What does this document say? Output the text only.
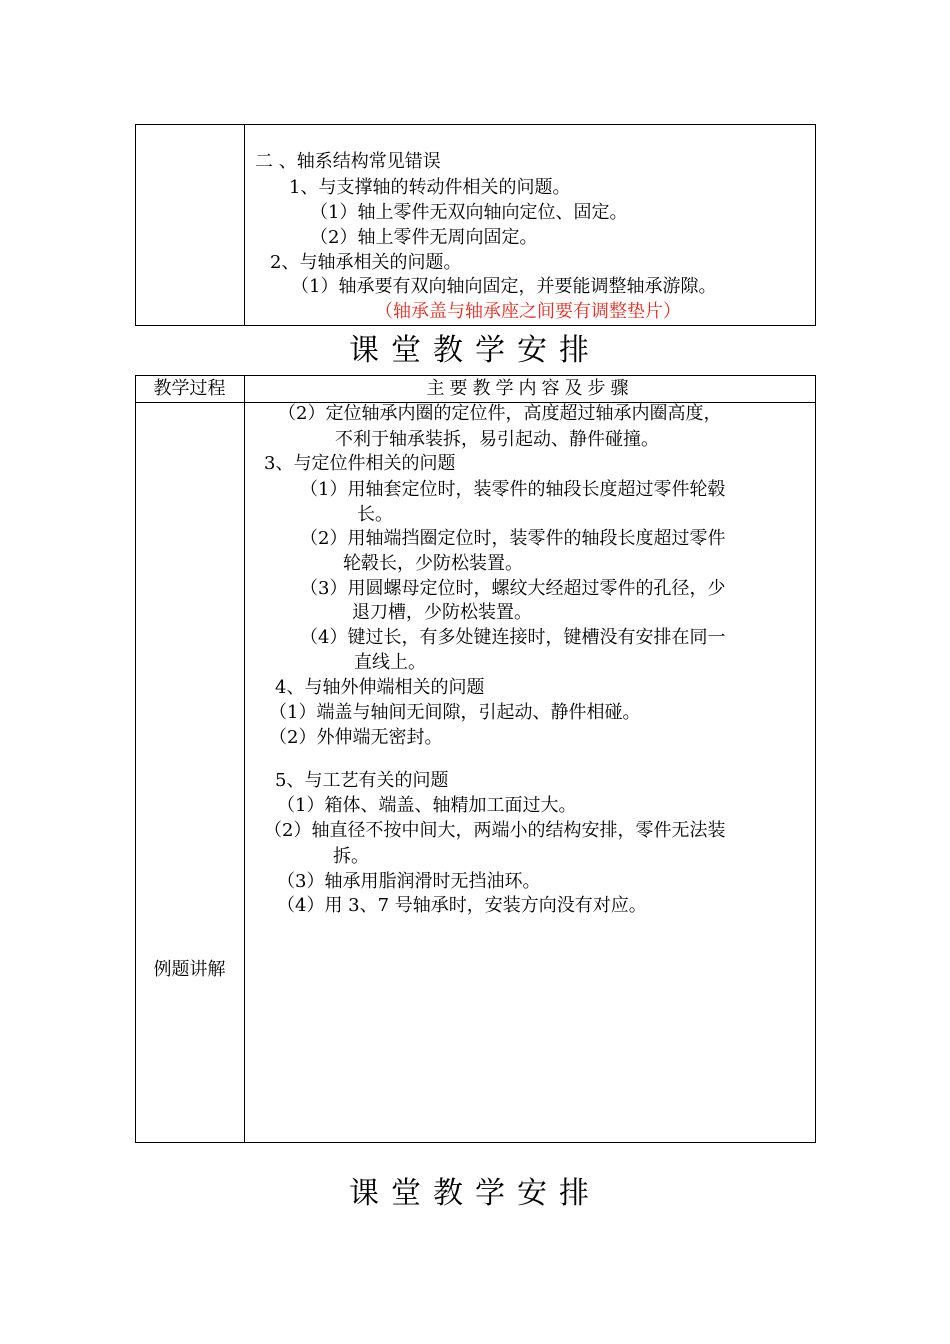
二 、轴系结构常见错误
1、与支撑轴的转动件相关的问题。
（1）轴上零件无双向轴向定位、固定。
（2）轴上零件无周向固定。
2、与轴承相关的问题。
（1）轴承要有双向轴向固定，并要能调整轴承游隙。
（轴承盖与轴承座之间要有调整垫片）
课堂教学安排
教学过程	主要教学内容及步骤
例题讲解
（2）定位轴承内圈的定位件，高度超过轴承内圈高度，
不利于轴承装拆，易引起动、静件碰撞。
3、与定位件相关的问题
（1）用轴套定位时，装零件的轴段长度超过零件轮毂
长。
（2）用轴端挡圈定位时，装零件的轴段长度超过零件
轮毂长，少防松装置。
（3）用圆螺母定位时，螺纹大经超过零件的孔径，少
退刀槽，少防松装置。
（4）键过长，有多处键连接时，键槽没有安排在同一
直线上。
4、与轴外伸端相关的问题
（1）端盖与轴间无间隙，引起动、静件相碰。
（2）外伸端无密封。
5、与工艺有关的问题
（1）箱体、端盖、轴精加工面过大。
（2）轴直径不按中间大，两端小的结构安排，零件无法装
拆。
（3）轴承用脂润滑时无挡油环。
（4）用 3、7 号轴承时，安装方向没有对应。
课堂教学安排
